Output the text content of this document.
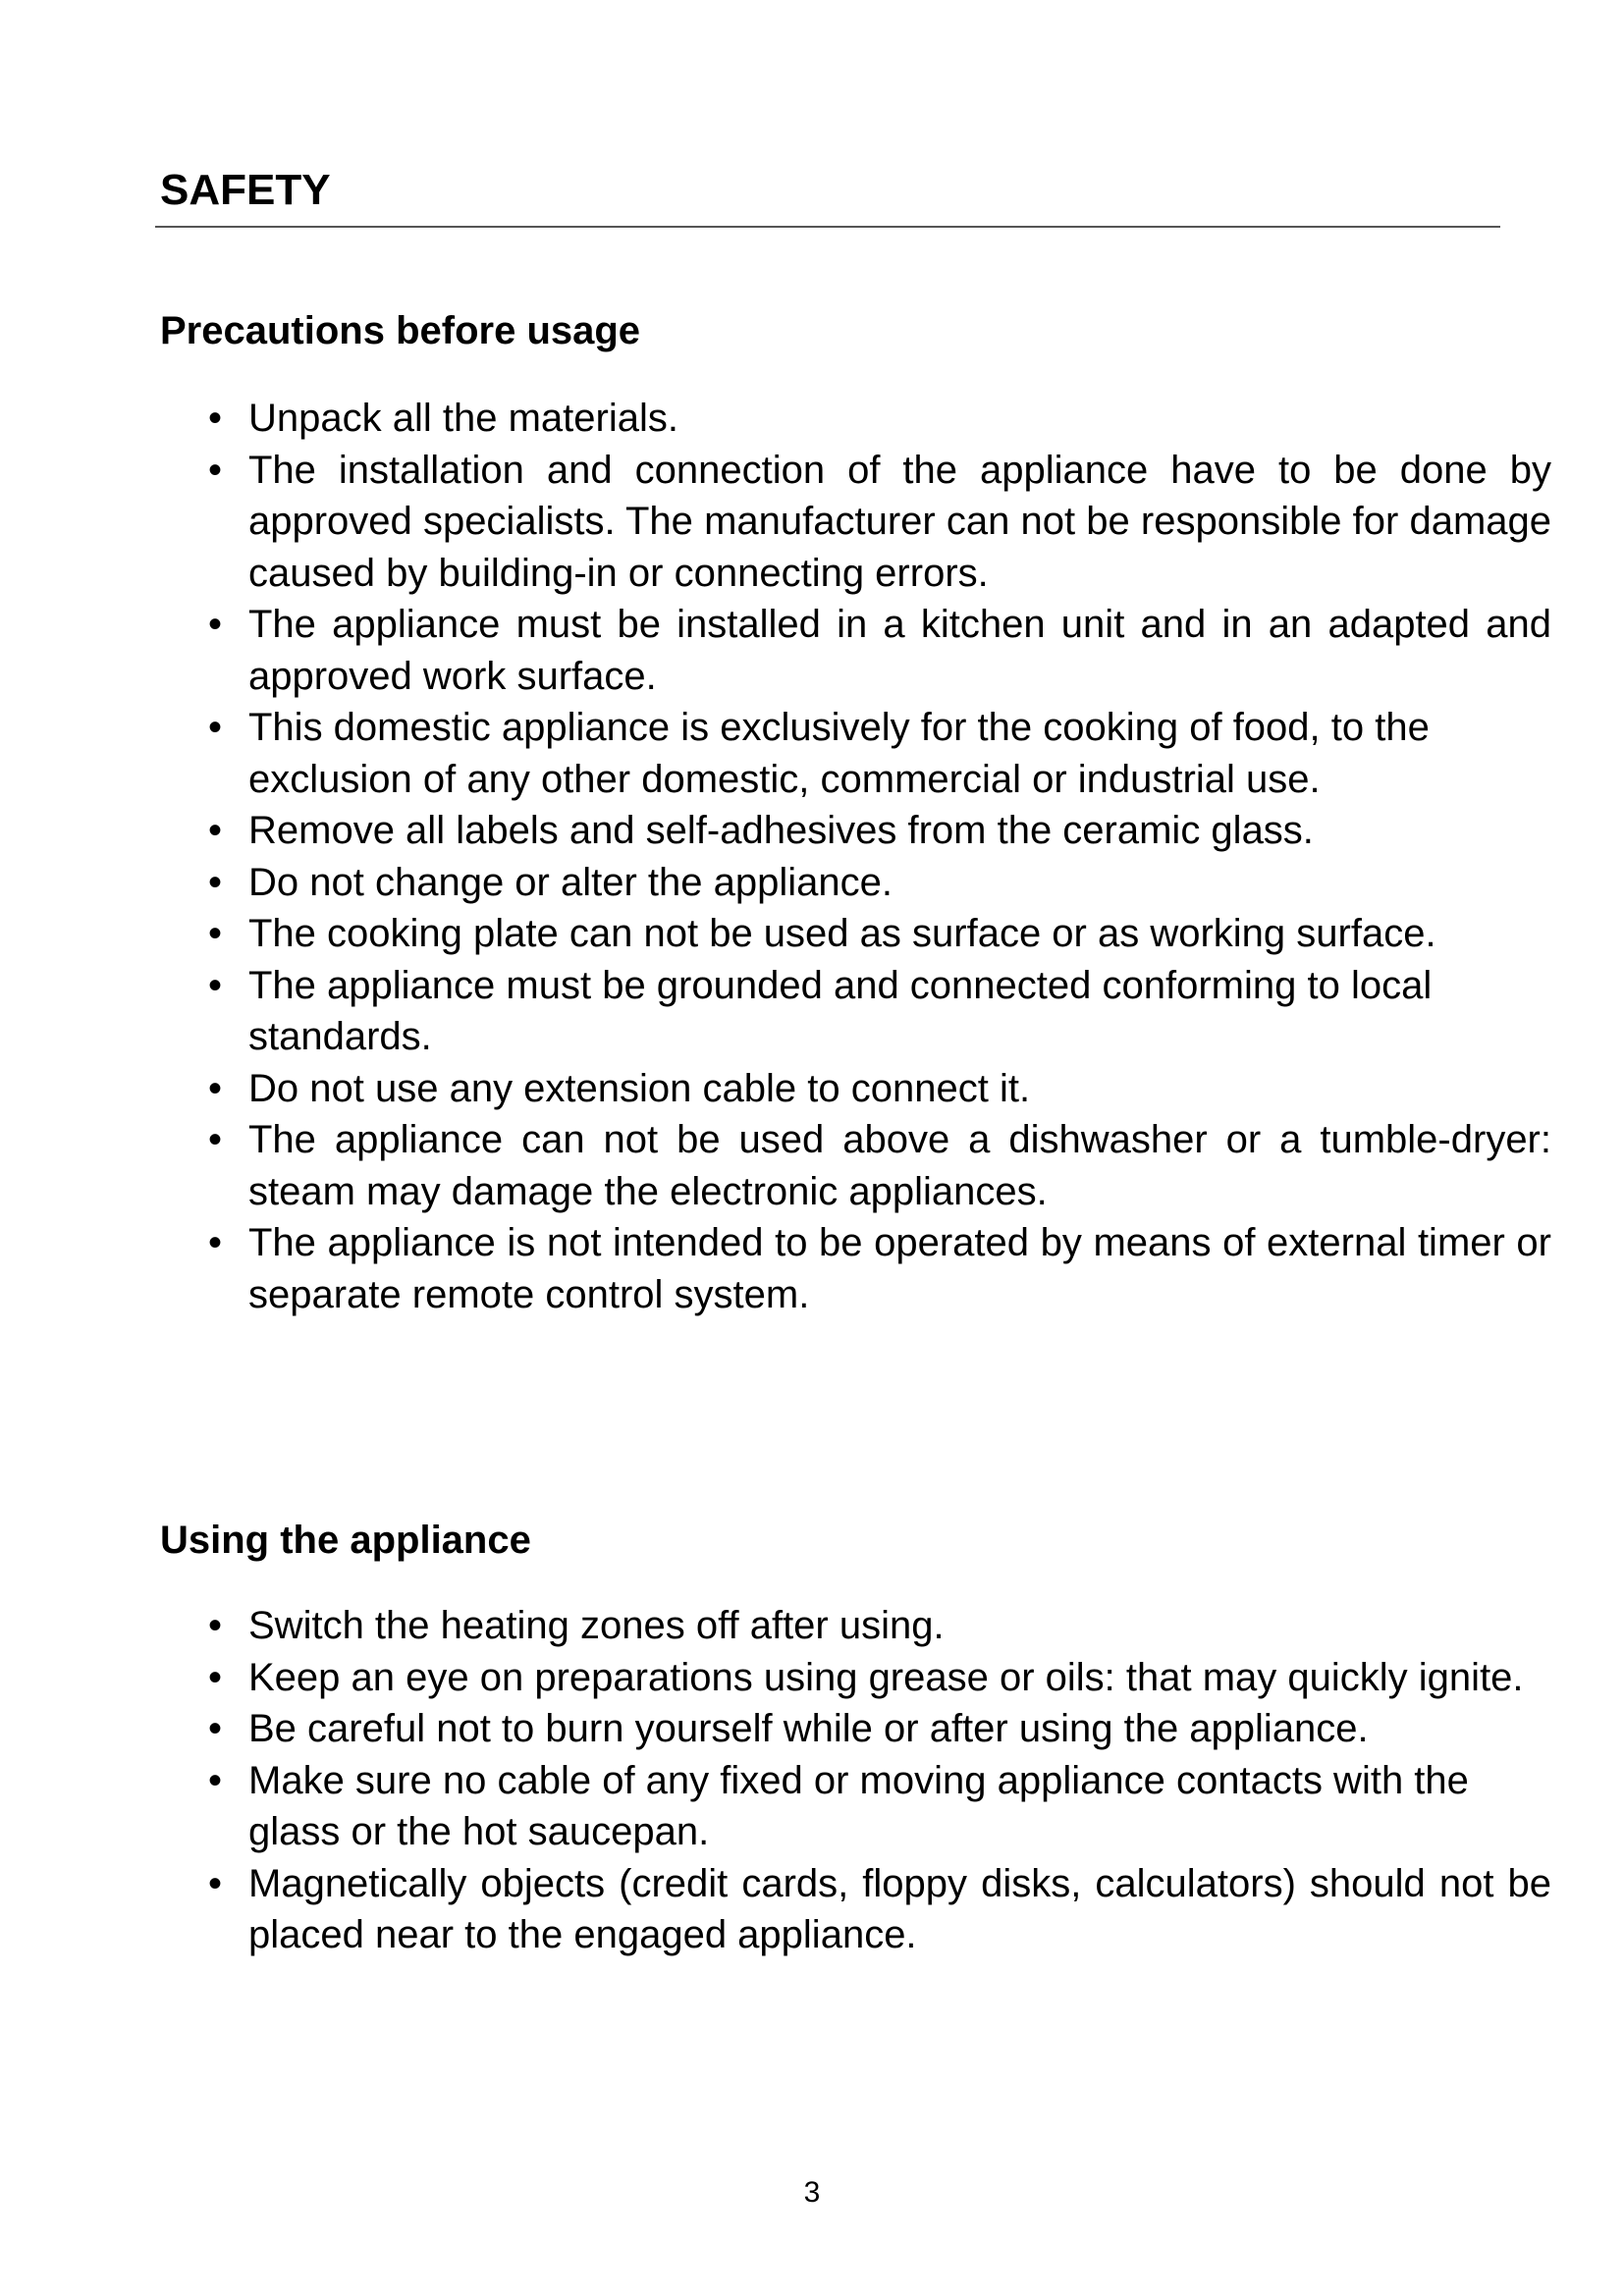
SAFETY
Precautions before usage
• Unpack all the materials.
• The installation and connection of the appliance have to be done by approved specialists. The manufacturer can not be responsible for damage caused by building-in or connecting errors.
• The appliance must be installed in a kitchen unit and in an adapted and approved work surface.
• This domestic appliance is exclusively for the cooking of food, to the exclusion of any other domestic, commercial or industrial use.
• Remove all labels and self-adhesives from the ceramic glass.
• Do not change or alter the appliance.
• The cooking plate can not be used as surface or as working surface.
• The appliance must be grounded and connected conforming to local standards.
• Do not use any extension cable to connect it.
• The appliance can not be used above a dishwasher or a tumble-dryer: steam may damage the electronic appliances.
• The appliance is not intended to be operated by means of external timer or separate remote control system.
Using the appliance
• Switch the heating zones off after using.
• Keep an eye on preparations using grease or oils: that may quickly ignite.
• Be careful not to burn yourself while or after using the appliance.
• Make sure no cable of any fixed or moving appliance contacts with the glass or the hot saucepan.
• Magnetically objects (credit cards, floppy disks, calculators) should not be placed near to the engaged appliance.
3
